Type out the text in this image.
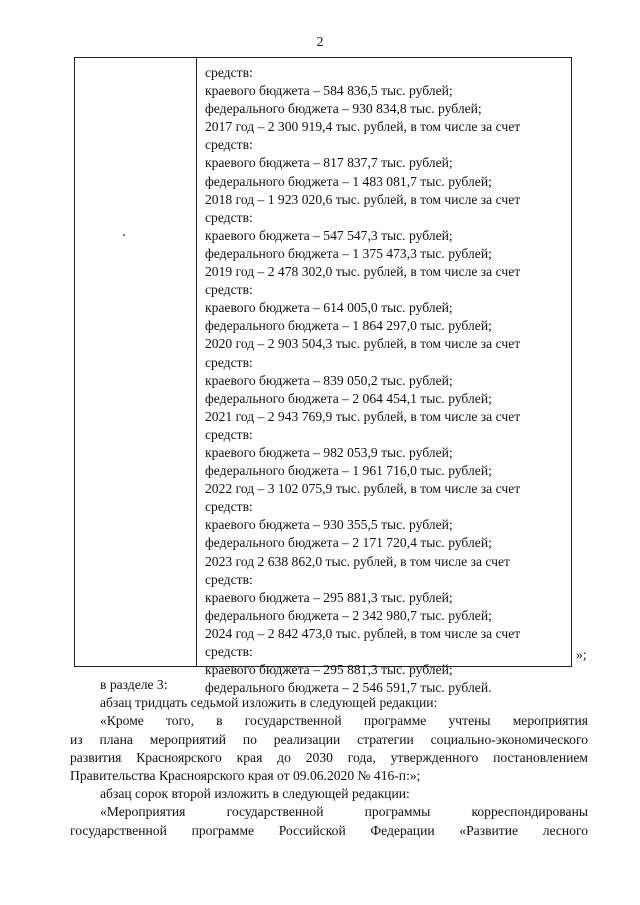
2
средств:
краевого бюджета – 584 836,5 тыс. рублей;
федерального бюджета – 930 834,8 тыс. рублей;
2017 год – 2 300 919,4 тыс. рублей, в том числе за счет
средств:
краевого бюджета – 817 837,7 тыс. рублей;
федерального бюджета – 1 483 081,7 тыс. рублей;
2018 год – 1 923 020,6 тыс. рублей, в том числе за счет
средств:
краевого бюджета – 547 547,3 тыс. рублей;
федерального бюджета – 1 375 473,3 тыс. рублей;
2019 год – 2 478 302,0 тыс. рублей, в том числе за счет
средств:
краевого бюджета – 614 005,0 тыс. рублей;
федерального бюджета – 1 864 297,0 тыс. рублей;
2020 год – 2 903 504,3 тыс. рублей, в том числе за счет
средств:
краевого бюджета – 839 050,2 тыс. рублей;
федерального бюджета – 2 064 454,1 тыс. рублей;
2021 год – 2 943 769,9 тыс. рублей, в том числе за счет
средств:
краевого бюджета – 982 053,9 тыс. рублей;
федерального бюджета – 1 961 716,0 тыс. рублей;
2022 год – 3 102 075,9 тыс. рублей, в том числе за счет
средств:
краевого бюджета – 930 355,5 тыс. рублей;
федерального бюджета – 2 171 720,4 тыс. рублей;
2023 год 2 638 862,0 тыс. рублей, в том числе за счет
средств:
краевого бюджета – 295 881,3 тыс. рублей;
федерального бюджета – 2 342 980,7 тыс. рублей;
2024 год – 2 842 473,0 тыс. рублей, в том числе за счет
средств:
краевого бюджета – 295 881,3 тыс. рублей;
федерального бюджета – 2 546 591,7 тыс. рублей.
»;
в разделе 3:
абзац тридцать седьмой изложить в следующей редакции:
«Кроме того, в государственной программе учтены мероприятия
из плана мероприятий по реализации стратегии социально-экономического
развития Красноярского края до 2030 года, утвержденного постановлением
Правительства Красноярского края от 09.06.2020 № 416-п:»;
абзац сорок второй изложить в следующей редакции:
«Мероприятия государственной программы корреспондированы
государственной программе Российской Федерации «Развитие лесного
